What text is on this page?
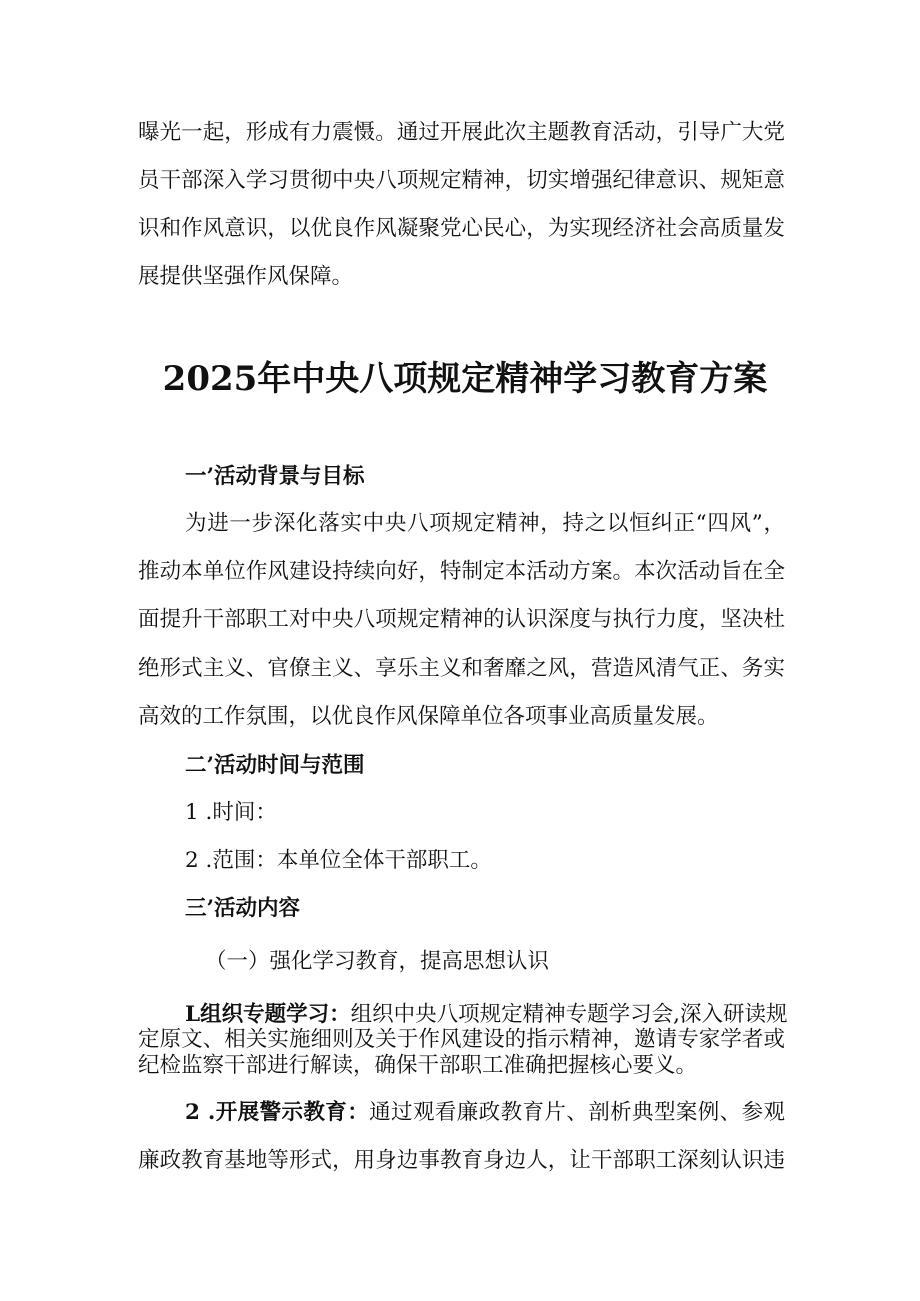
曝光一起，形成有力震慑。通过开展此次主题教育活动，引导广大党
员干部深入学习贯彻中央八项规定精神，切实增强纪律意识、规矩意
识和作风意识，以优良作风凝聚党心民心，为实现经济社会高质量发
展提供坚强作风保障。
2025年中央八项规定精神学习教育方案
一’活动背景与目标
为进一步深化落实中央八项规定精神，持之以恒纠正“四风”，
推动本单位作风建设持续向好，特制定本活动方案。本次活动旨在全
面提升干部职工对中央八项规定精神的认识深度与执行力度，坚决杜
绝形式主义、官僚主义、享乐主义和奢靡之风，营造风清气正、务实
高效的工作氛围，以优良作风保障单位各项事业高质量发展。
二’活动时间与范围
1 .时间：
2 .范围：本单位全体干部职工。
三’活动内容
（一）强化学习教育，提高思想认识
L组织专题学习：组织中央八项规定精神专题学习会,深入研读规
定原文、相关实施细则及关于作风建设的指示精神，邀请专家学者或
纪检监察干部进行解读，确保干部职工准确把握核心要义。
2 .开展警示教育：通过观看廉政教育片、剖析典型案例、参观
廉政教育基地等形式，用身边事教育身边人，让干部职工深刻认识违
